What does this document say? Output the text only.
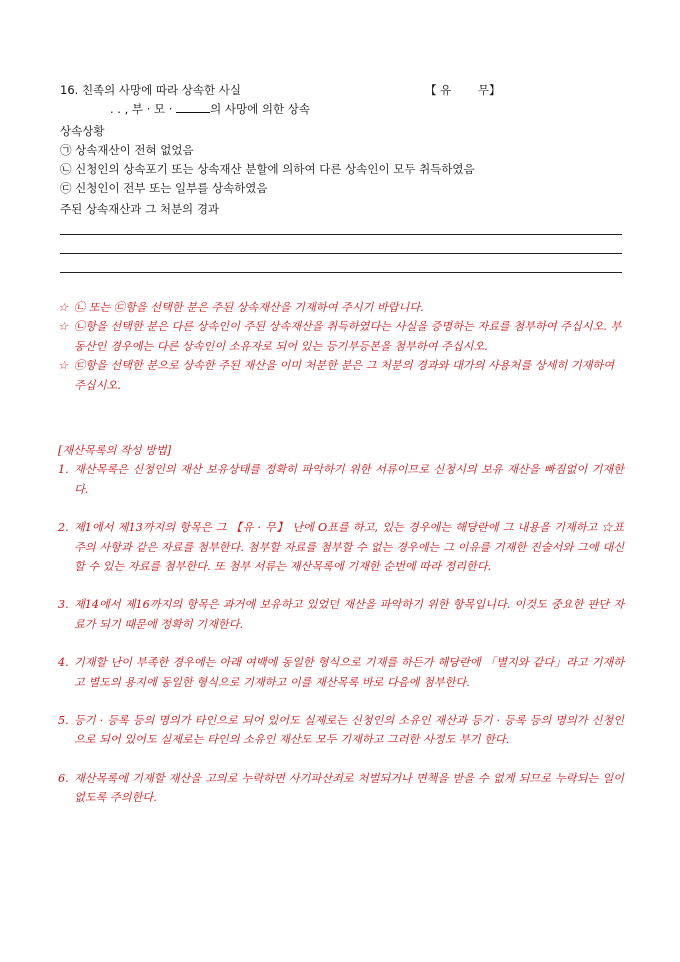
16. 친족의 사망에 따라 상속한 사실	【 유　　 무】
. . , 부 · 모 ·	의 사망에 의한 상속
상속상황
㉠ 상속재산이 전혀 없었음
㉡ 신청인의 상속포기 또는 상속재산 분할에 의하여 다른 상속인이 모두 취득하였음
㉢ 신청인이 전부 또는 일부를 상속하였음
주된 상속재산과 그 처분의 경과
☆ ㉡ 또는 ㉢항을 선택한 분은 주된 상속재산을 기재하여 주시기 바랍니다.
☆ ㉡항을 선택한 분은 다른 상속인이 주된 상속재산을 취득하였다는 사실을 증명하는 자료를 첨부하여 주십시오. 부동산인 경우에는 다른 상속인이 소유자로 되어 있는 등기부등본을 첨부하여 주십시오.
☆ ㉢항을 선택한 분으로 상속한 주된 재산을 이미 처분한 분은 그 처분의 경과와 대가의 사용처를 상세히 기재하여 주십시오.
[재산목록의 작성 방법]
1. 재산목록은 신청인의 재산 보유상태를 정확히 파악하기 위한 서류이므로 신청시의 보유 재산을 빠짐없이 기재한다.
2. 제1에서 제13까지의 항목은 그 【유 · 무】 난에 O표를 하고, 있는 경우에는 해당란에 그 내용을 기재하고 ☆표 주의 사항과 같은 자료를 첨부한다. 첨부할 자료를 첨부할 수 없는 경우에는 그 이유를 기재한 진술서와 그에 대신할 수 있는 자료를 첨부한다. 또 첨부 서류는 재산목록에 기재한 순번에 따라 정리한다.
3. 제14에서 제16까지의 항목은 과거에 보유하고 있었던 재산을 파악하기 위한 항목입니다. 이것도 중요한 판단 자료가 되기 때문에 정확히 기재한다.
4. 기재할 난이 부족한 경우에는 아래 여백에 동일한 형식으로 기재를 하든가 해당란에 「별지와 같다」라고 기재하고 별도의 용지에 동일한 형식으로 기재하고 이를 재산목록 바로 다음에 첨부한다.
5. 등기 · 등록 등의 명의가 타인으로 되어 있어도 실제로는 신청인의 소유인 재산과 등기 · 등록 등의 명의가 신청인으로 되어 있어도 실제로는 타인의 소유인 재산도 모두 기재하고 그러한 사정도 부기 한다.
6. 재산목록에 기재할 재산을 고의로 누락하면 사기파산죄로 처벌되거나 면책을 받을 수 없게 되므로 누락되는 일이 없도록 주의한다.
